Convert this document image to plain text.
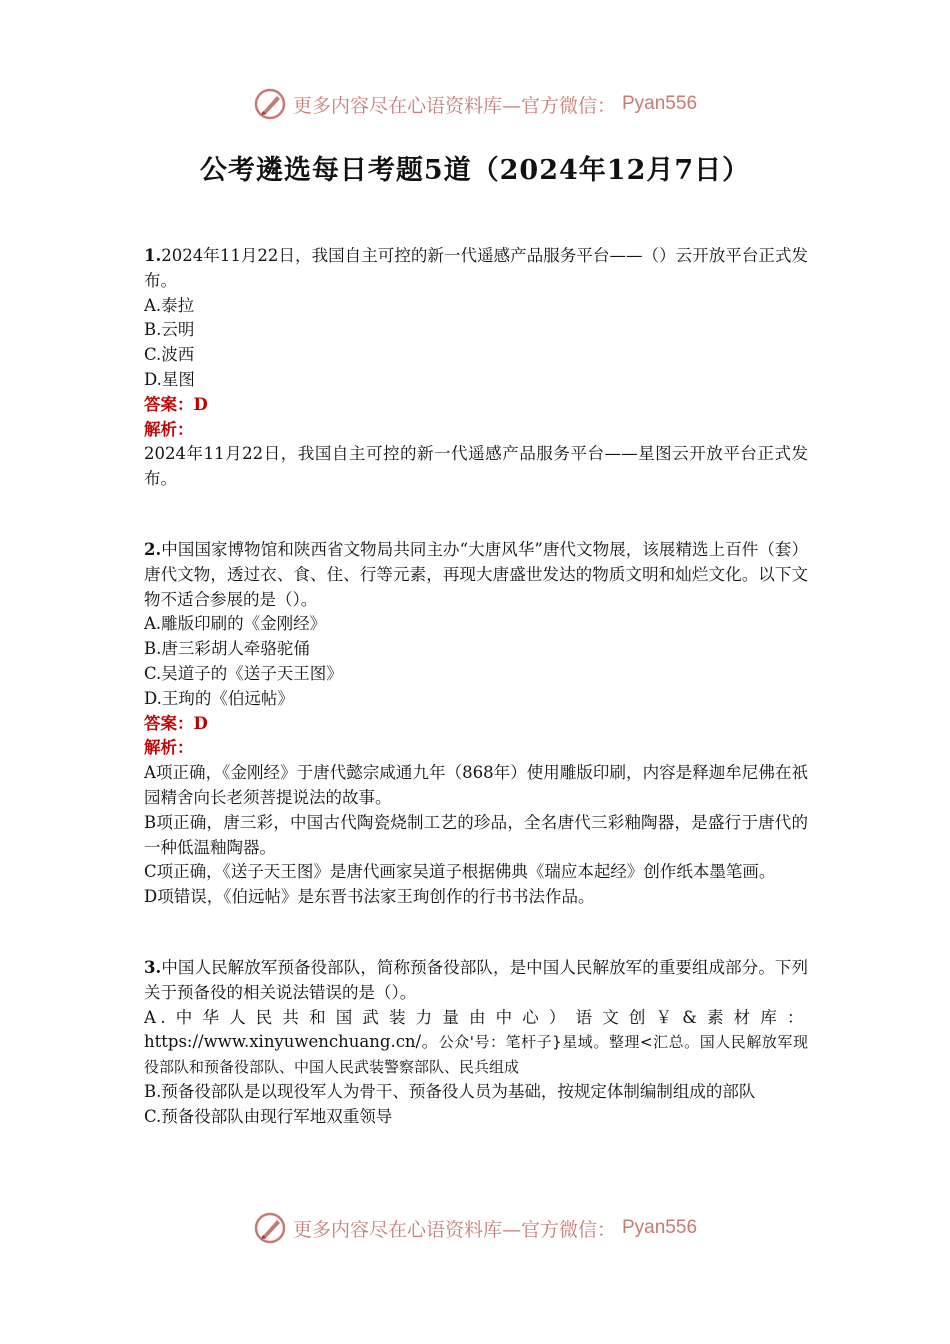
更多内容尽在心语资料库—官方微信： Pyan556
公考遴选每日考题5道（2024年12月7日）

1.2024年11月22日，我国自主可控的新一代遥感产品服务平台——（）云开放平台正式发布。

A.泰拉

B.云明

C.波西

D.星图

答案：D

解析：

2024年11月22日，我国自主可控的新一代遥感产品服务平台——星图云开放平台正式发布。

2.中国国家博物馆和陕西省文物局共同主办“大唐风华”唐代文物展，该展精选上百件（套）唐代文物，透过衣、食、住、行等元素，再现大唐盛世发达的物质文明和灿烂文化。以下文物不适合参展的是（）。

A.雕版印刷的《金刚经》

B.唐三彩胡人牵骆驼俑

C.吴道子的《送子天王图》

D.王珣的《伯远帖》

答案：D

解析：

A项正确，《金刚经》于唐代懿宗咸通九年（868年）使用雕版印刷，内容是释迦牟尼佛在祇园精舍向长老须菩提说法的故事。

B项正确，唐三彩，中国古代陶瓷烧制工艺的珍品，全名唐代三彩釉陶器，是盛行于唐代的一种低温釉陶器。

C项正确，《送子天王图》是唐代画家吴道子根据佛典《瑞应本起经》创作纸本墨笔画。

D项错误，《伯远帖》是东晋书法家王珣创作的行书书法作品。

3.中国人民解放军预备役部队，简称预备役部队，是中国人民解放军的重要组成部分。下列关于预备役的相关说法错误的是（）。

A.中华人民共和国武装力量由中心）语文创￥&素材库：https://www.xinyuwenchuang.cn/。公众'号：笔杆子}星域。整理<汇总。国人民解放军现役部队和预备役部队、中国人民武装警察部队、民兵组成

B.预备役部队是以现役军人为骨干、预备役人员为基础，按规定体制编制组成的部队

C.预备役部队由现行军地双重领导

更多内容尽在心语资料库—官方微信： Pyan556
